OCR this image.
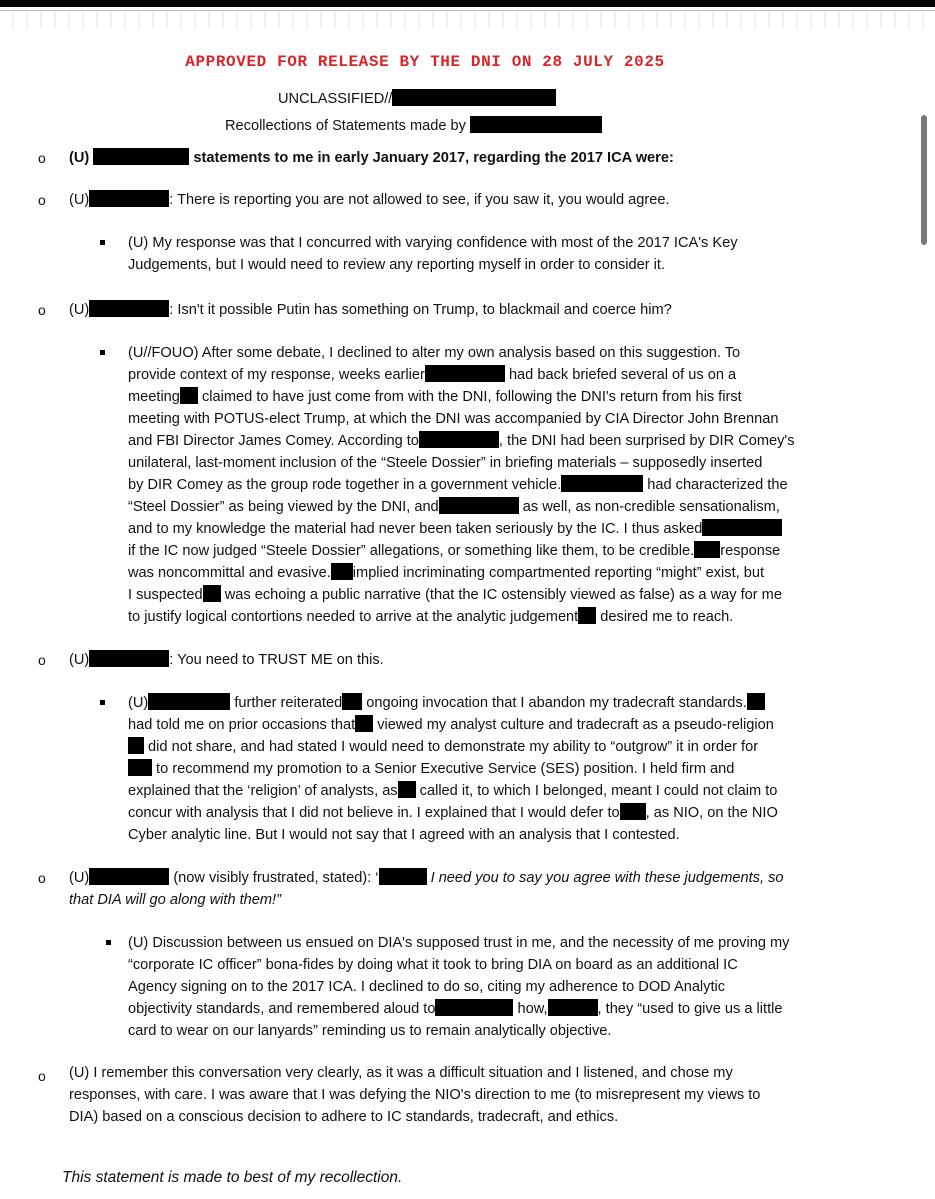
APPROVED FOR RELEASE BY THE DNI ON 28 JULY 2025
UNCLASSIFIED//
Recollections of Statements made by
o (U)	statements to me in early January 2017, regarding the 2017 ICA were:
o (U)	: There is reporting you are not allowed to see, if you saw it, you would agree.
(U) My response was that I concurred with varying confidence with most of the 2017 ICA's Key
Judgements, but I would need to review any reporting myself in order to consider it.
o (U)	: Isn't it possible Putin has something on Trump, to blackmail and coerce him?
(U//FOUO) After some debate, I declined to alter my own analysis based on this suggestion. To
provide context of my response, weeks earlier	had back briefed several of us on a
meeting claimed to have just come from with the DNI, following the DNI's return from his first
meeting with POTUS-elect Trump, at which the DNI was accompanied by CIA Director John Brennan
and FBI Director James Comey. According to	, the DNI had been surprised by DIR Comey's
unilateral, last-moment inclusion of the “Steele Dossier” in briefing materials – supposedly inserted
by DIR Comey as the group rode together in a government vehicle.	had characterized the
“Steel Dossier” as being viewed by the DNI, and	as well, as non-credible sensationalism,
and to my knowledge the material had never been taken seriously by the IC. I thus asked
if the IC now judged “Steele Dossier” allegations, or something like them, to be credible. response
was noncommittal and evasive. implied incriminating compartmented reporting “might” exist, but
I suspected was echoing a public narrative (that the IC ostensibly viewed as false) as a way for me
to justify logical contortions needed to arrive at the analytic judgement desired me to reach.
o (U)	: You need to TRUST ME on this.
(U)	further reiterated ongoing invocation that I abandon my tradecraft standards.
had told me on prior occasions that viewed my analyst culture and tradecraft as a pseudo-religion
did not share, and had stated I would need to demonstrate my ability to “outgrow” it in order for
to recommend my promotion to a Senior Executive Service (SES) position. I held firm and
explained that the ‘religion’ of analysts, as called it, to which I belonged, meant I could not claim to
concur with analysis that I did not believe in. I explained that I would defer to , as NIO, on the NIO
Cyber analytic line. But I would not say that I agreed with an analysis that I contested.
o (U)	(now visibly frustrated, stated): ‘	I need you to say you agree with these judgements, so
that DIA will go along with them!”
(U) Discussion between us ensued on DIA's supposed trust in me, and the necessity of me proving my
“corporate IC officer” bona-fides by doing what it took to bring DIA on board as an additional IC
Agency signing on to the 2017 ICA. I declined to do so, citing my adherence to DOD Analytic
objectivity standards, and remembered aloud to	how,	, they “used to give us a little
card to wear on our lanyards” reminding us to remain analytically objective.
o (U) I remember this conversation very clearly, as it was a difficult situation and I listened, and chose my
responses, with care. I was aware that I was defying the NIO's direction to me (to misrepresent my views to
DIA) based on a conscious decision to adhere to IC standards, tradecraft, and ethics.
This statement is made to best of my recollection.
